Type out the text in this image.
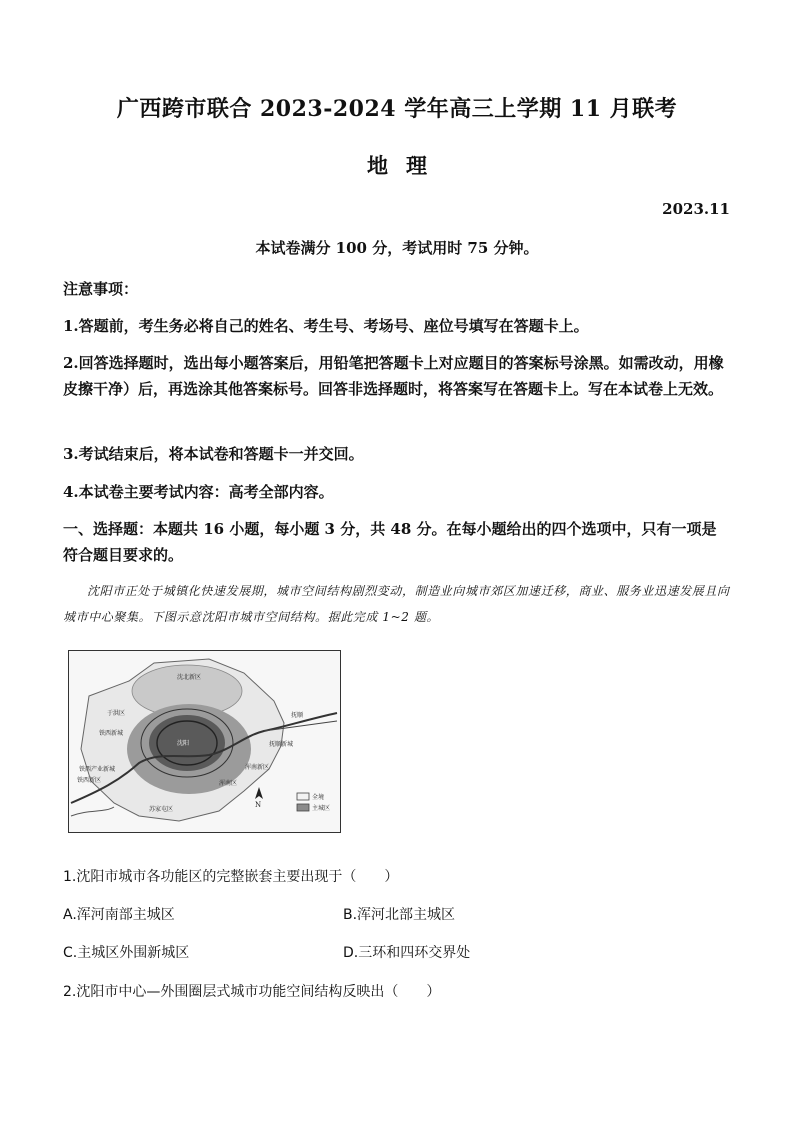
广西跨市联合 2023-2024 学年高三上学期 11 月联考
地理
2023.11
本试卷满分 100 分，考试用时 75 分钟。
注意事项：
1.答题前，考生务必将自己的姓名、考生号、考场号、座位号填写在答题卡上。
2.回答选择题时，选出每小题答案后，用铅笔把答题卡上对应题目的答案标号涂黑。如需改动，用橡皮擦干净）后，再选涂其他答案标号。回答非选择题时，将答案写在答题卡上。写在本试卷上无效。
3.考试结束后，将本试卷和答题卡一并交回。
4.本试卷主要考试内容：高考全部内容。
一、选择题：本题共 16 小题，每小题 3 分，共 48 分。在每小题给出的四个选项中，只有一项是符合题目要求的。
沈阳市正处于城镇化快速发展期，城市空间结构剧烈变动，制造业向城市郊区加速迁移，商业、服务业迅速发展且向城市中心聚集。下图示意沈阳市城市空间结构。据此完成 1~2 题。
沈北新区
于洪区
铁西新城
铁西产业新城
铁西新区
苏家屯区
浑南新区
浑南区
抚顺新城
抚顺
沈阳
N
全境
主城区
1.沈阳市城市各功能区的完整嵌套主要出现于（　　）
A.浑河南部主城区	B.浑河北部主城区
C.主城区外围新城区	D.三环和四环交界处
2.沈阳市中心—外围圈层式城市功能空间结构反映出（　　）
